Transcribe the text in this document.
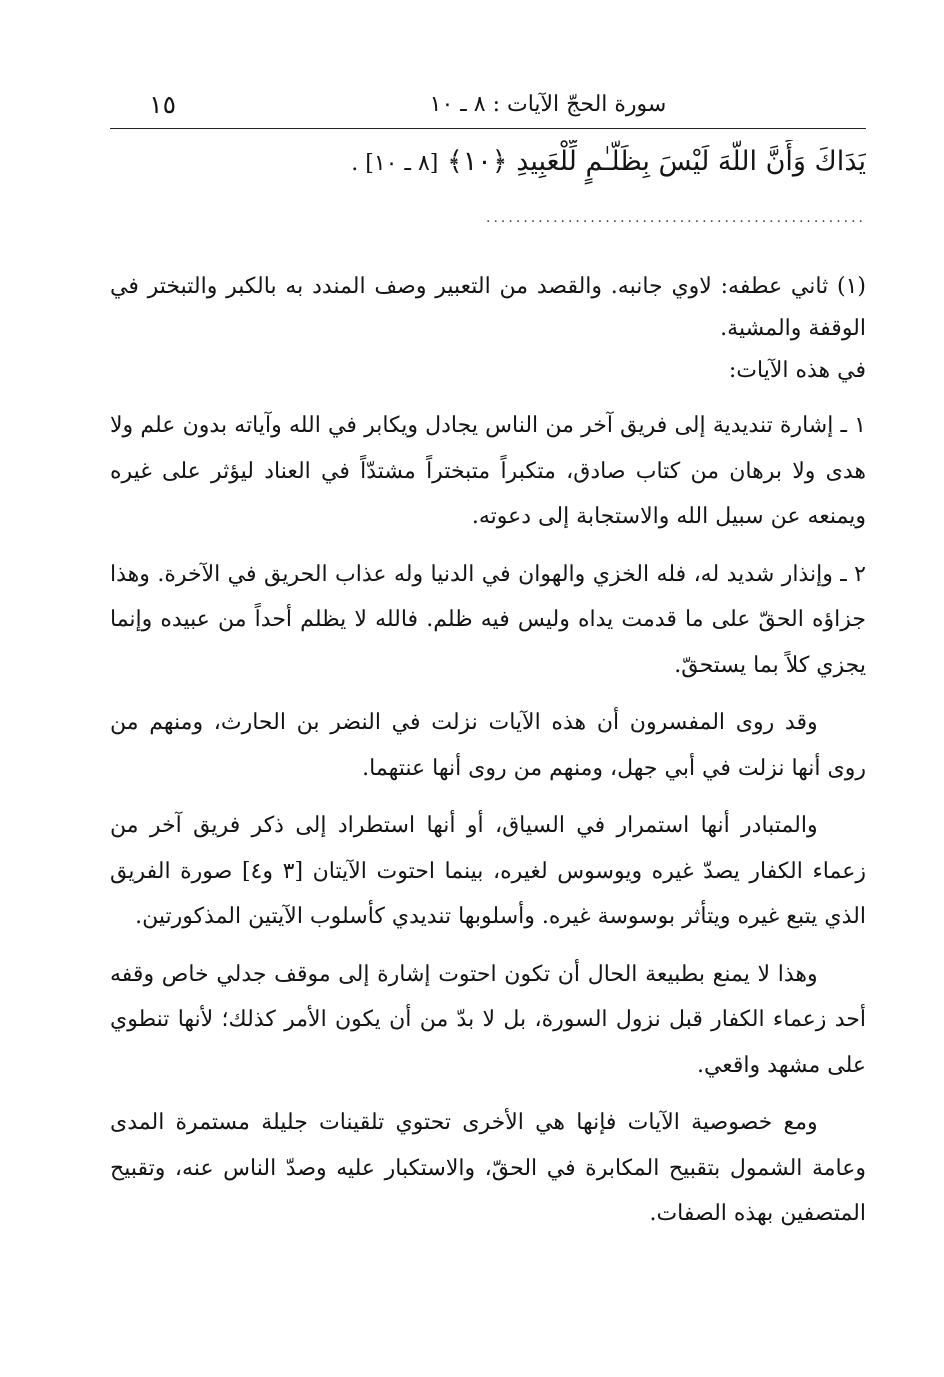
١٥	سورة الحجّ الآيات : ٨ ـ ١٠
يَدَاكَ وَأَنَّ اللَّهَ لَيْسَ بِظَلَّـٰمٍ لِّلْعَبِيدِ ﴿١٠﴾ [٨ ـ ١٠] .
...................................................

(١) ثاني عطفه: لاوي جانبه. والقصد من التعبير وصف المندد به بالكبر والتبختر في الوقفة والمشية.

في هذه الآيات:

١ ـ إشارة تنديدية إلى فريق آخر من الناس يجادل ويكابر في الله وآياته بدون علم ولا هدى ولا برهان من كتاب صادق، متكبراً متبختراً مشتدّاً في العناد ليؤثر على غيره ويمنعه عن سبيل الله والاستجابة إلى دعوته.

٢ ـ وإنذار شديد له، فله الخزي والهوان في الدنيا وله عذاب الحريق في الآخرة. وهذا جزاؤه الحقّ على ما قدمت يداه وليس فيه ظلم. فالله لا يظلم أحداً من عبيده وإنما يجزي كلاً بما يستحقّ.

وقد روى المفسرون أن هذه الآيات نزلت في النضر بن الحارث، ومنهم من روى أنها نزلت في أبي جهل، ومنهم من روى أنها عنتهما.

والمتبادر أنها استمرار في السياق، أو أنها استطراد إلى ذكر فريق آخر من زعماء الكفار يصدّ غيره ويوسوس لغيره، بينما احتوت الآيتان [٣ و٤] صورة الفريق الذي يتبع غيره ويتأثر بوسوسة غيره. وأسلوبها تنديدي كأسلوب الآيتين المذكورتين.

وهذا لا يمنع بطبيعة الحال أن تكون احتوت إشارة إلى موقف جدلي خاص وقفه أحد زعماء الكفار قبل نزول السورة، بل لا بدّ من أن يكون الأمر كذلك؛ لأنها تنطوي على مشهد واقعي.

ومع خصوصية الآيات فإنها هي الأخرى تحتوي تلقينات جليلة مستمرة المدى وعامة الشمول بتقبيح المكابرة في الحقّ، والاستكبار عليه وصدّ الناس عنه، وتقبيح المتصفين بهذه الصفات.
